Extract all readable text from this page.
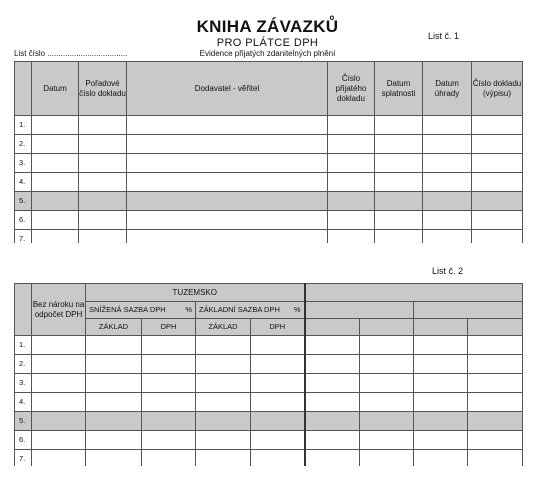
KNIHA ZÁVAZKŮ
PRO PLÁTCE DPH
Evidence přijatých zdanitelných plnění
List č. 1
List číslo ....................................
List č. 2
	Datum	Pořadové číslo dokladu	Dodavatel - věřitel	Číslo přijatého dokladu	Datum splatnosti	Datum úhrady	Číslo dokladu (výpisu)
1.							
2.							
3.							
4.							
5.							
6.							
7.							
	Bez nároku na odpočet DPH	TUZEMSKO							
		SNÍŽENÁ SAZBA DPH %		ZÁKLADNÍ SAZBA DPH %					

		ZÁKLAD	DPH	ZÁKLAD	DPH				
1.									
2.									
3.									
4.									
5.									
6.									
7.									
